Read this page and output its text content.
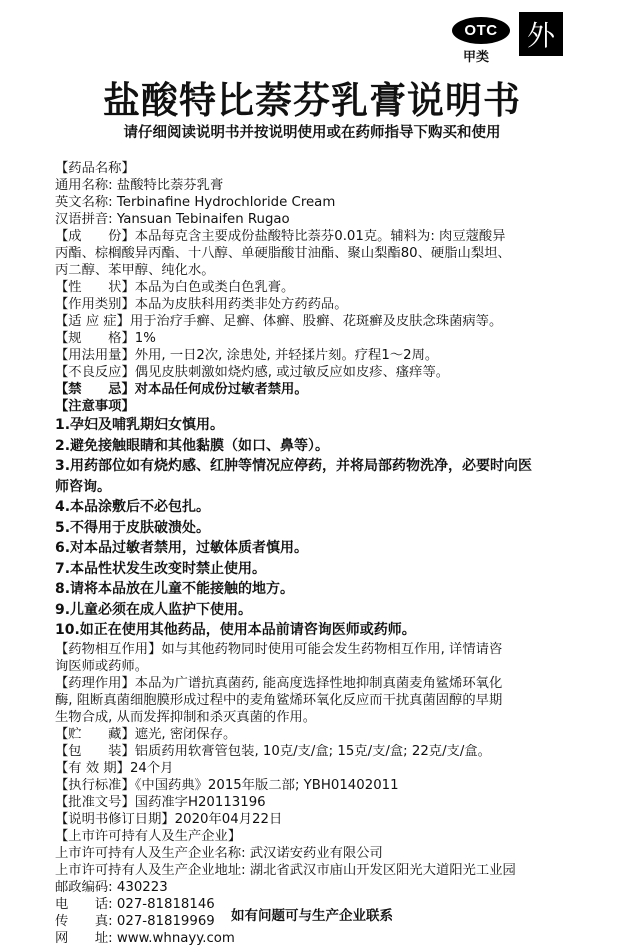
OTC
甲类
外
盐酸特比萘芬乳膏说明书
请仔细阅读说明书并按说明使用或在药师指导下购买和使用
【药品名称】
通用名称: 盐酸特比萘芬乳膏
英文名称: Terbinafine Hydrochloride Cream
汉语拼音: Yansuan Tebinaifen Rugao
【成　　份】本品每克含主要成份盐酸特比萘芬0.01克。辅料为: 肉豆蔻酸异
丙酯、棕榈酸异丙酯、十八醇、单硬脂酸甘油酯、聚山梨酯80、硬脂山梨坦、
丙二醇、苯甲醇、纯化水。
【性　　状】本品为白色或类白色乳膏。
【作用类别】本品为皮肤科用药类非处方药药品。
【适 应 症】用于治疗手癣、足癣、体癣、股癣、花斑癣及皮肤念珠菌病等。
【规　　格】1%
【用法用量】外用, 一日2次, 涂患处, 并轻揉片刻。疗程1～2周。
【不良反应】偶见皮肤刺激如烧灼感, 或过敏反应如皮疹、瘙痒等。
【禁　　忌】对本品任何成份过敏者禁用。
【注意事项】
1.孕妇及哺乳期妇女慎用。
2.避免接触眼睛和其他黏膜（如口、鼻等）。
3.用药部位如有烧灼感、红肿等情况应停药，并将局部药物洗净，必要时向医
师咨询。
4.本品涂敷后不必包扎。
5.不得用于皮肤破溃处。
6.对本品过敏者禁用，过敏体质者慎用。
7.本品性状发生改变时禁止使用。
8.请将本品放在儿童不能接触的地方。
9.儿童必须在成人监护下使用。
10.如正在使用其他药品，使用本品前请咨询医师或药师。
【药物相互作用】如与其他药物同时使用可能会发生药物相互作用, 详情请咨
询医师或药师。
【药理作用】本品为广谱抗真菌药, 能高度选择性地抑制真菌麦角鲨烯环氧化
酶, 阻断真菌细胞膜形成过程中的麦角鲨烯环氧化反应而干扰真菌固醇的早期
生物合成, 从而发挥抑制和杀灭真菌的作用。
【贮　　藏】遮光, 密闭保存。
【包　　装】铝质药用软膏管包装, 10克/支/盒; 15克/支/盒; 22克/支/盒。
【有 效 期】24个月
【执行标准】《中国药典》2015年版二部; YBH01402011
【批准文号】国药准字H20113196
【说明书修订日期】2020年04月22日
【上市许可持有人及生产企业】
上市许可持有人及生产企业名称: 武汉诺安药业有限公司
上市许可持有人及生产企业地址: 湖北省武汉市庙山开发区阳光大道阳光工业园
邮政编码: 430223
电　　话: 027-81818146
传　　真: 027-81819969
网　　址: www.whnayy.com
如有问题可与生产企业联系
